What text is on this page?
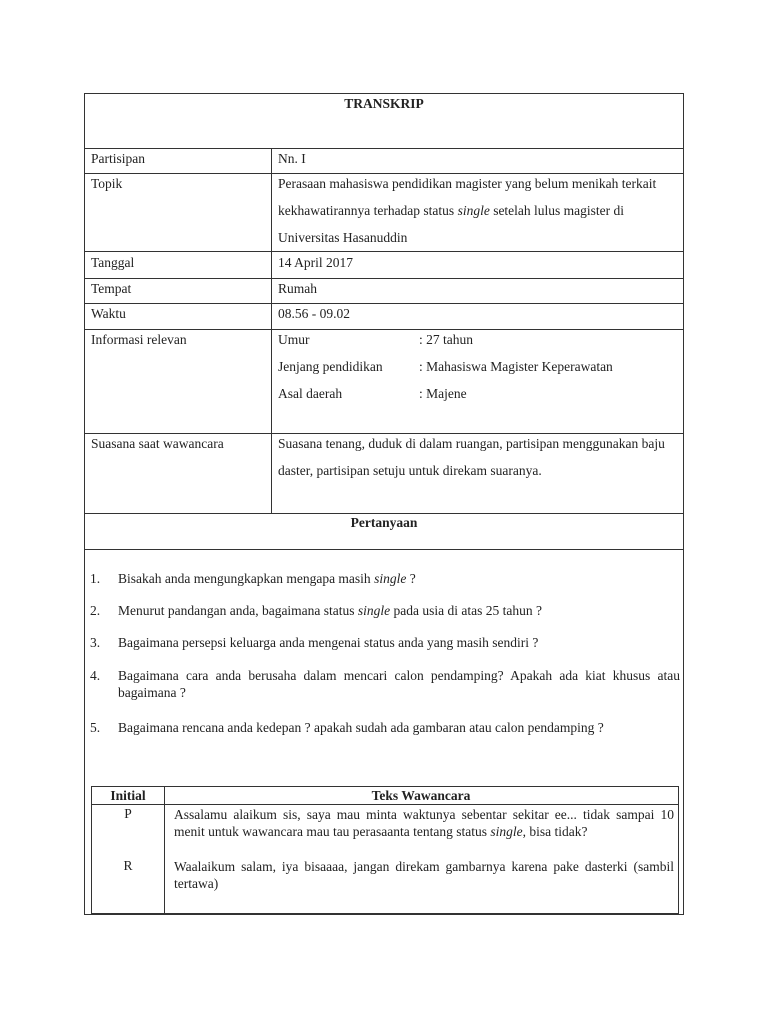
TRANSKRIP
Partisipan	Nn. I
Topik	Perasaan mahasiswa pendidikan magister yang belum menikah terkait kekhawatirannya terhadap status single setelah lulus magister di Universitas Hasanuddin
Tanggal	14 April 2017
Tempat	Rumah
Waktu	08.56 - 09.02
Informasi relevan	Umur	: 27 tahun
Jenjang pendidikan	: Mahasiswa Magister Keperawatan
Asal daerah	: Majene
Suasana saat wawancara	Suasana tenang, duduk di dalam ruangan, partisipan menggunakan baju daster, partisipan setuju untuk direkam suaranya.
Pertanyaan
1. Bisakah anda mengungkapkan mengapa masih single ?
2. Menurut pandangan anda, bagaimana status single pada usia di atas 25 tahun ?
3. Bagaimana persepsi keluarga anda mengenai status anda yang masih sendiri ?
4. Bagaimana cara anda berusaha dalam mencari calon pendamping? Apakah ada kiat khusus atau bagaimana ?
5. Bagaimana rencana anda kedepan ? apakah sudah ada gambaran atau calon pendamping ?
Initial	Teks Wawancara
P	Assalamu alaikum sis, saya mau minta waktunya sebentar sekitar ee... tidak sampai 10 menit untuk wawancara mau tau perasaanta tentang status single, bisa tidak?
R	Waalaikum salam, iya bisaaaa, jangan direkam gambarnya karena pake dasterki (sambil tertawa)
